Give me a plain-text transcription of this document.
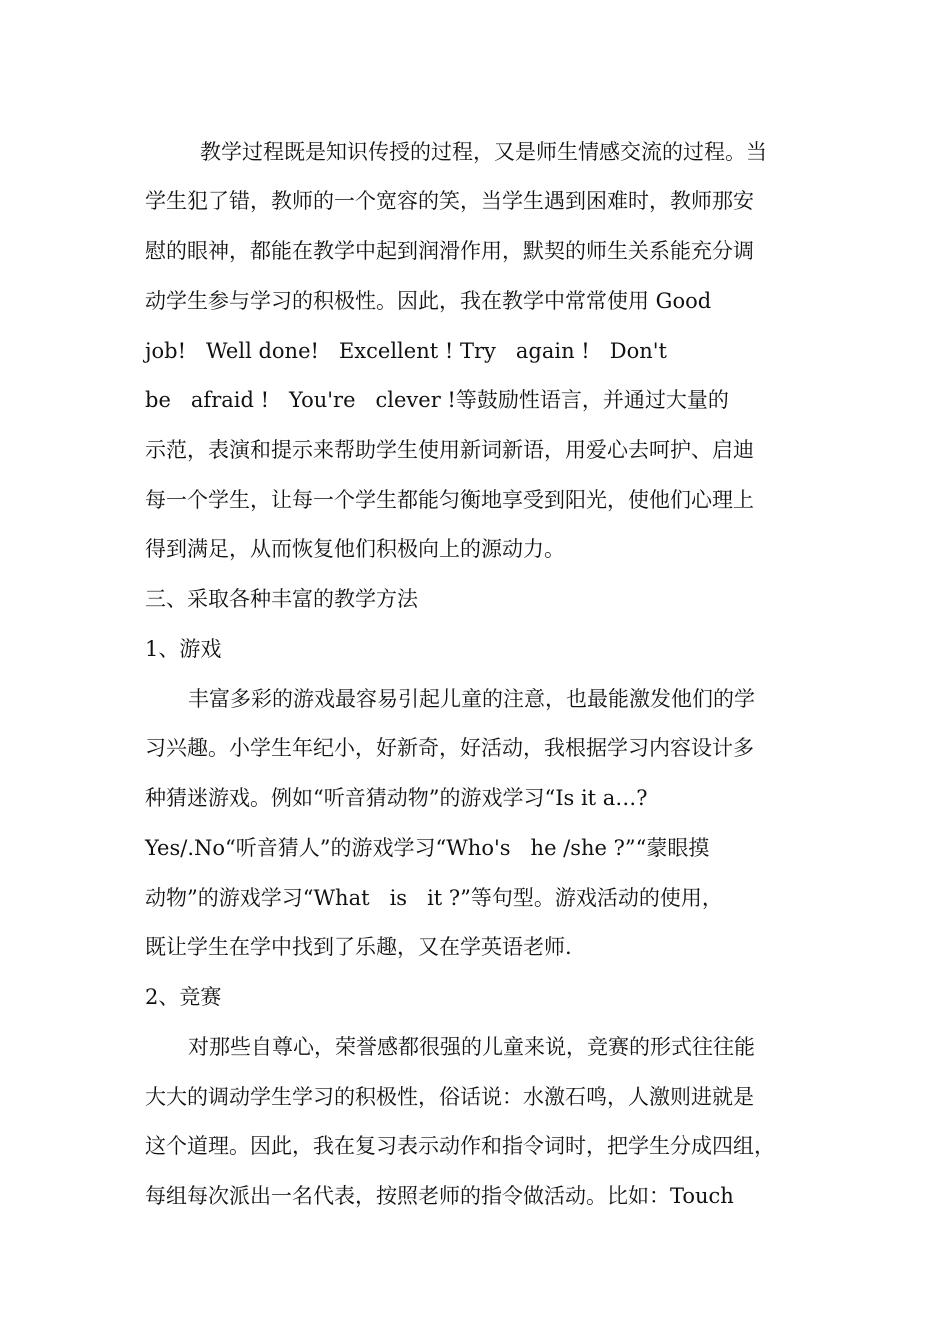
教学过程既是知识传授的过程，又是师生情感交流的过程。当
学生犯了错，教师的一个宽容的笑，当学生遇到困难时，教师那安
慰的眼神，都能在教学中起到润滑作用，默契的师生关系能充分调
动学生参与学习的积极性。因此，我在教学中常常使用 Good
job!   Well done!   Excellent ! Try   again !   Don't
be   afraid !   You're   clever !等鼓励性语言，并通过大量的
示范，表演和提示来帮助学生使用新词新语，用爱心去呵护、启迪
每一个学生，让每一个学生都能匀衡地享受到阳光，使他们心理上
得到满足，从而恢复他们积极向上的源动力。
三、采取各种丰富的教学方法
1、游戏
丰富多彩的游戏最容易引起儿童的注意，也最能激发他们的学
习兴趣。小学生年纪小，好新奇，好活动，我根据学习内容设计多
种猜迷游戏。例如“听音猜动物”的游戏学习“Is it a…?
Yes/.No“听音猜人”的游戏学习“Who's   he /she ?”“蒙眼摸
动物”的游戏学习“What   is   it ?”等句型。游戏活动的使用，
既让学生在学中找到了乐趣，又在学英语老师.
2、竞赛
对那些自尊心，荣誉感都很强的儿童来说，竞赛的形式往往能
大大的调动学生学习的积极性，俗话说：水激石鸣，人激则进就是
这个道理。因此，我在复习表示动作和指令词时，把学生分成四组，
每组每次派出一名代表，按照老师的指令做活动。比如：Touch
